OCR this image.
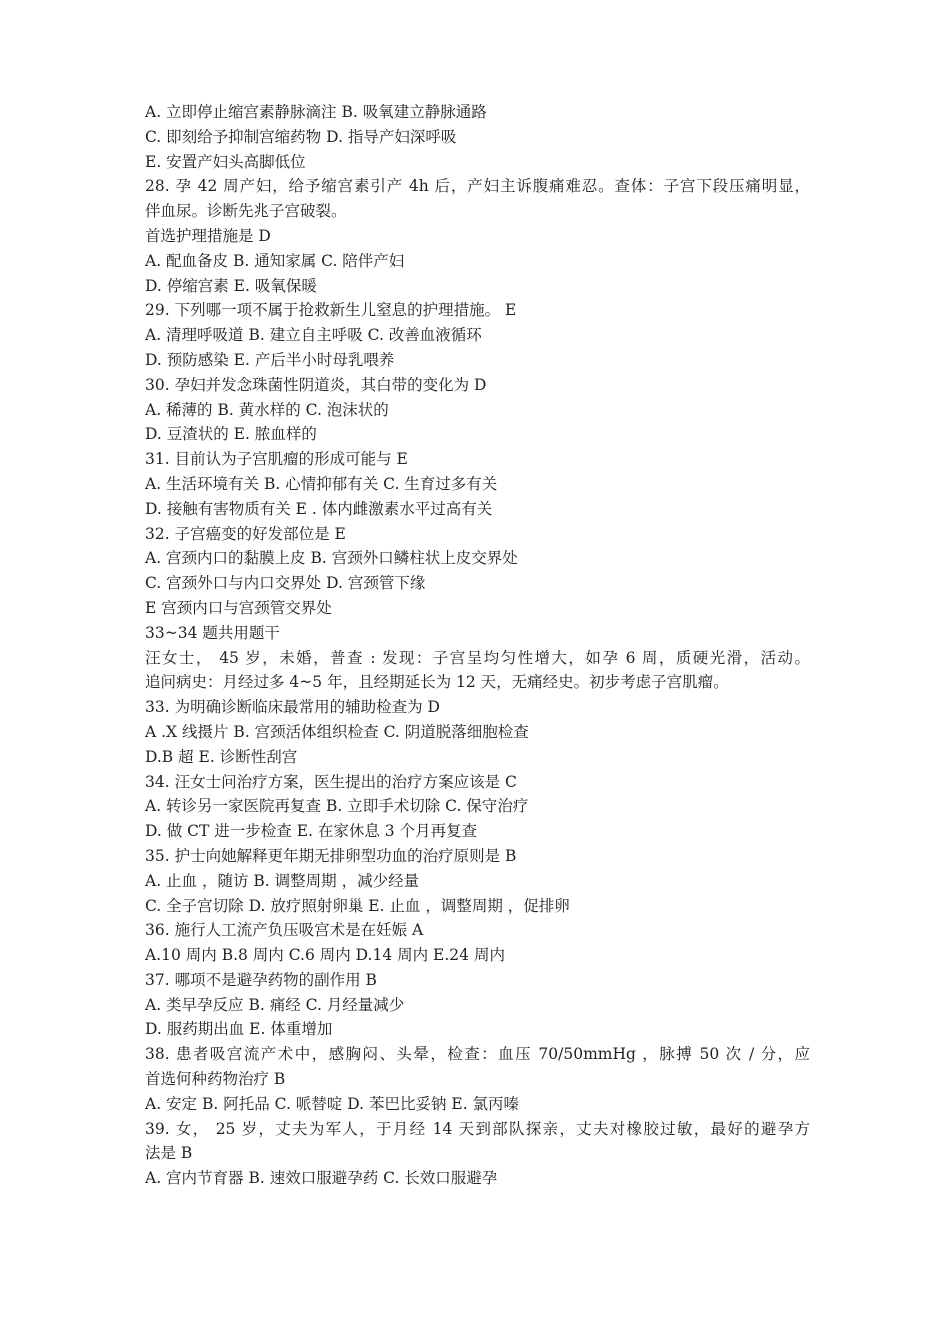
A. 立即停止缩宫素静脉滴注 B. 吸氧建立静脉通路
C. 即刻给予抑制宫缩药物 D. 指导产妇深呼吸
E. 安置产妇头高脚低位
28. 孕 42 周产妇，给予缩宫素引产 4h 后，产妇主诉腹痛难忍。查体：子宫下段压痛明显，
伴血尿。诊断先兆子宫破裂。
首选护理措施是 D
A. 配血备皮 B. 通知家属 C. 陪伴产妇
D. 停缩宫素 E. 吸氧保暖
29. 下列哪一项不属于抢救新生儿窒息的护理措施。 E
A. 清理呼吸道 B. 建立自主呼吸 C. 改善血液循环
D. 预防感染 E. 产后半小时母乳喂养
30. 孕妇并发念珠菌性阴道炎，其白带的变化为 D
A. 稀薄的 B. 黄水样的 C. 泡沫状的
D. 豆渣状的 E. 脓血样的
31. 目前认为子宫肌瘤的形成可能与 E
A. 生活环境有关 B. 心情抑郁有关 C. 生育过多有关
D. 接触有害物质有关 E . 体内雌激素水平过高有关
32. 子宫癌变的好发部位是 E
A. 宫颈内口的黏膜上皮 B. 宫颈外口鳞柱状上皮交界处
C. 宫颈外口与内口交界处 D. 宫颈管下缘
E 宫颈内口与宫颈管交界处
33~34 题共用题干
汪女士， 45 岁，未婚，普查 : 发现：子宫呈均匀性增大，如孕 6 周，质硬光滑，活动。
追问病史：月经过多 4~5 年，且经期延长为 12 天，无痛经史。初步考虑子宫肌瘤。
33. 为明确诊断临床最常用的辅助检查为 D
A .X 线摄片 B. 宫颈活体组织检查 C. 阴道脱落细胞检查
D.B 超 E. 诊断性刮宫
34. 汪女士问治疗方案，医生提出的治疗方案应该是 C
A. 转诊另一家医院再复查 B. 立即手术切除 C. 保守治疗
D. 做 CT 进一步检查 E. 在家休息 3 个月再复查
35. 护士向她解释更年期无排卵型功血的治疗原则是 B
A. 止血 ，随访 B. 调整周期 ，减少经量
C. 全子宫切除 D. 放疗照射卵巢 E. 止血 ，调整周期 ，促排卵
36. 施行人工流产负压吸宫术是在妊娠 A
A.10 周内 B.8 周内 C.6 周内 D.14 周内 E.24 周内
37. 哪项不是避孕药物的副作用 B
A. 类早孕反应 B. 痛经 C. 月经量减少
D. 服药期出血 E. 体重增加
38. 患者吸宫流产术中，感胸闷、头晕，检查：血压 70/50mmHg ，脉搏 50 次 / 分，应
首选何种药物治疗 B
A. 安定 B. 阿托品 C. 哌替啶 D. 苯巴比妥钠 E. 氯丙嗪
39. 女， 25 岁，丈夫为军人，于月经 14 天到部队探亲，丈夫对橡胶过敏，最好的避孕方
法是 B
A. 宫内节育器 B. 速效口服避孕药 C. 长效口服避孕
